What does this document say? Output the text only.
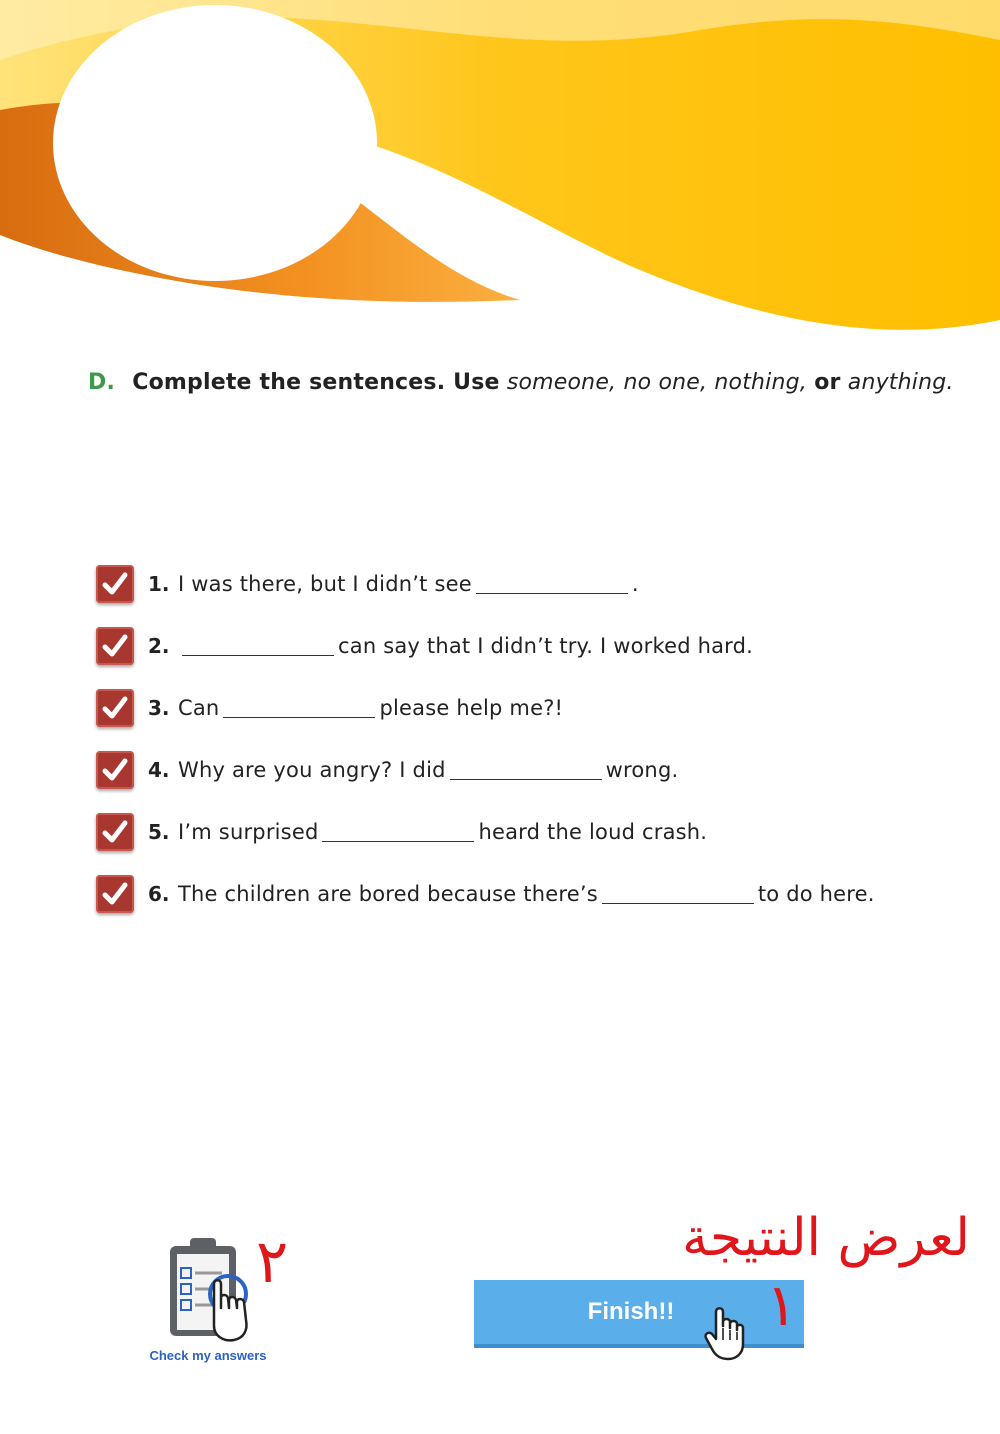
D. Complete the sentences. Use someone, no one, nothing, or anything.
1. I was there, but I didn’t see	.
2.	can say that I didn’t try. I worked hard.
3. Can	please help me?!
4. Why are you angry? I did	wrong.
5. I’m surprised	heard the loud crash.
6. The children are bored because there’s	to do here.
Check my answers
٢	لعرض النتيجة
Finish!! ١
